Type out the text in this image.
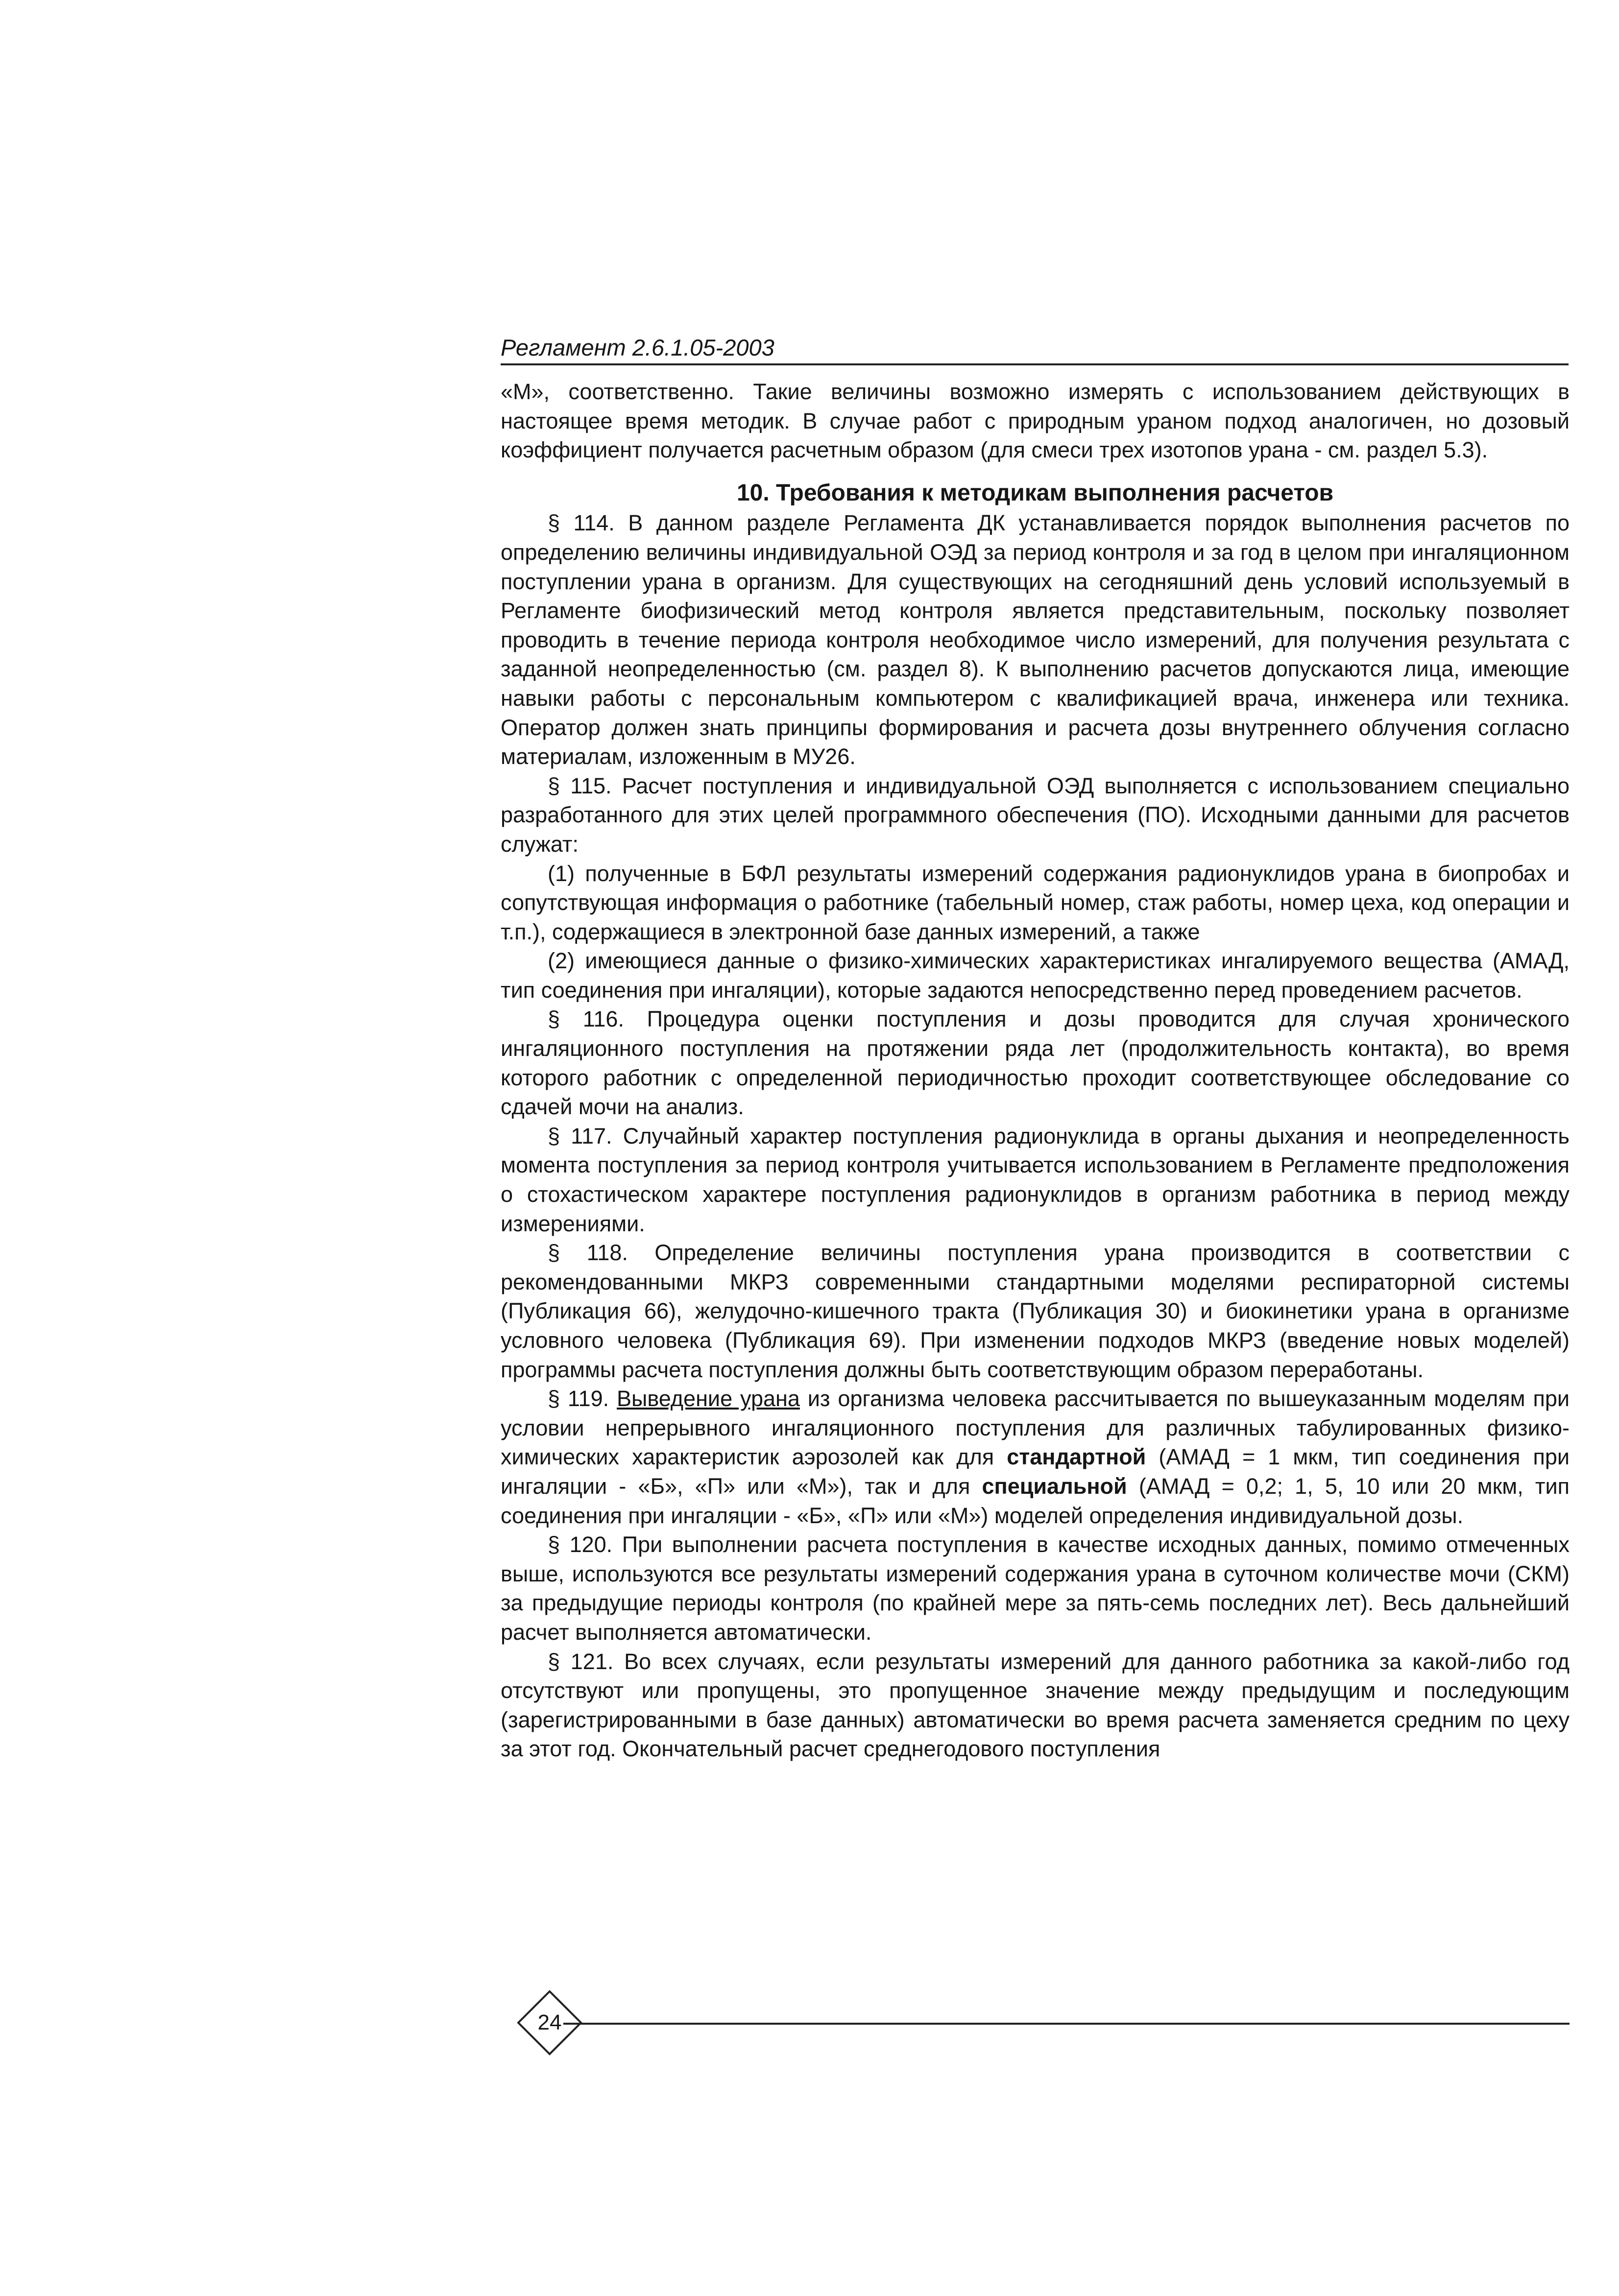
Регламент 2.6.1.05-2003

«М», соответственно. Такие величины возможно измерять с использованием действующих в настоящее время методик. В случае работ с природным ураном подход аналогичен, но дозовый коэффициент получается расчетным образом (для смеси трех изотопов урана - см. раздел 5.3).

10. Требования к методикам выполнения расчетов

§ 114. В данном разделе Регламента ДК устанавливается порядок выполнения расчетов по определению величины индивидуальной ОЭД за период контроля и за год в целом при ингаляционном поступлении урана в организм. Для существующих на сегодняшний день условий используемый в Регламенте биофизический метод контроля является представительным, поскольку позволяет проводить в течение периода контроля необходимое число измерений, для получения результата с заданной неопределенностью (см. раздел 8). К выполнению расчетов допускаются лица, имеющие навыки работы с персональным компьютером с квалификацией врача, инженера или техника. Оператор должен знать принципы формирования и расчета дозы внутреннего облучения согласно материалам, изложенным в МУ26.

§ 115. Расчет поступления и индивидуальной ОЭД выполняется с использованием специально разработанного для этих целей программного обеспечения (ПО). Исходными данными для расчетов служат:

(1) полученные в БФЛ результаты измерений содержания радионуклидов урана в биопробах и сопутствующая информация о работнике (табельный номер, стаж работы, номер цеха, код операции и т.п.), содержащиеся в электронной базе данных измерений, а также

(2) имеющиеся данные о физико-химических характеристиках ингалируемого вещества (АМАД, тип соединения при ингаляции), которые задаются непосредственно перед проведением расчетов.

§ 116. Процедура оценки поступления и дозы проводится для случая хронического ингаляционного поступления на протяжении ряда лет (продолжительность контакта), во время которого работник с определенной периодичностью проходит соответствующее обследование со сдачей мочи на анализ.

§ 117. Случайный характер поступления радионуклида в органы дыхания и неопределенность момента поступления за период контроля учитывается использованием в Регламенте предположения о стохастическом характере поступления радионуклидов в организм работника в период между измерениями.

§ 118. Определение величины поступления урана производится в соответствии с рекомендованными МКРЗ современными стандартными моделями респираторной системы (Публикация 66), желудочно-кишечного тракта (Публикация 30) и биокинетики урана в организме условного человека (Публикация 69). При изменении подходов МКРЗ (введение новых моделей) программы расчета поступления должны быть соответствующим образом переработаны.

§ 119. Выведение урана из организма человека рассчитывается по вышеуказанным моделям при условии непрерывного ингаляционного поступления для различных табулированных физико-химических характеристик аэрозолей как для стандартной (АМАД = 1 мкм, тип соединения при ингаляции - «Б», «П» или «М»), так и для специальной (АМАД = 0,2; 1, 5, 10 или 20 мкм, тип соединения при ингаляции - «Б», «П» или «М») моделей определения индивидуальной дозы.

§ 120. При выполнении расчета поступления в качестве исходных данных, помимо отмеченных выше, используются все результаты измерений содержания урана в суточном количестве мочи (СКМ) за предыдущие периоды контроля (по крайней мере за пять-семь последних лет). Весь дальнейший расчет выполняется автоматически.

§ 121. Во всех случаях, если результаты измерений для данного работника за какой-либо год отсутствуют или пропущены, это пропущенное значение между предыдущим и последующим (зарегистрированными в базе данных) автоматически во время расчета заменяется средним по цеху за этот год. Окончательный расчет среднегодового поступления

24
